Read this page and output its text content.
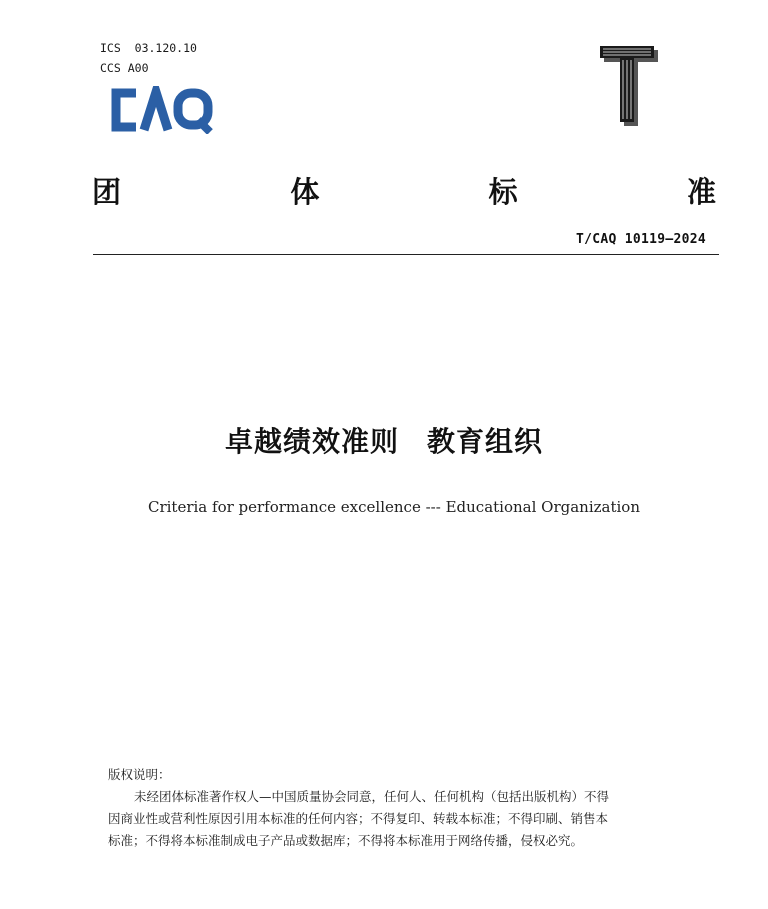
ICS 03.120.10
CCS A00
团	体	标	准
T/CAQ 10119—2024
卓越绩效准则 教育组织
Criteria for performance excellence --- Educational Organization
版权说明：
未经团体标准著作权人—中国质量协会同意，任何人、任何机构（包括出版机构）不得
因商业性或营利性原因引用本标准的任何内容；不得复印、转载本标准；不得印刷、销售本
标准；不得将本标准制成电子产品或数据库；不得将本标准用于网络传播，侵权必究。
